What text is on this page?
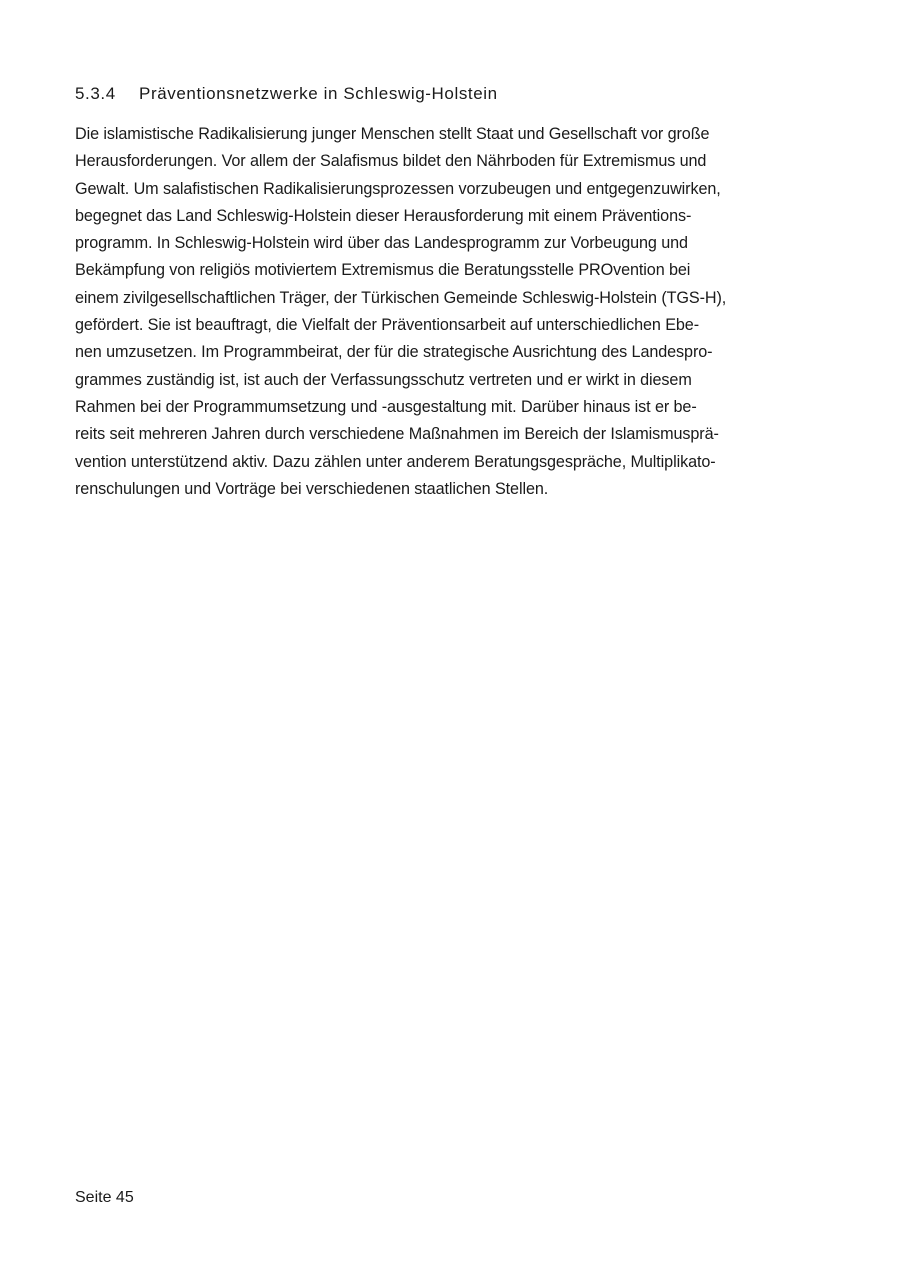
5.3.4 Präventionsnetzwerke in Schleswig-Holstein
Die islamistische Radikalisierung junger Menschen stellt Staat und Gesellschaft vor große
Herausforderungen. Vor allem der Salafismus bildet den Nährboden für Extremismus und
Gewalt. Um salafistischen Radikalisierungsprozessen vorzubeugen und entgegenzuwirken,
begegnet das Land Schleswig-Holstein dieser Herausforderung mit einem Präventions-
programm. In Schleswig-Holstein wird über das Landesprogramm zur Vorbeugung und
Bekämpfung von religiös motiviertem Extremismus die Beratungsstelle PROvention bei
einem zivilgesellschaftlichen Träger, der Türkischen Gemeinde Schleswig-Holstein (TGS-H),
gefördert. Sie ist beauftragt, die Vielfalt der Präventionsarbeit auf unterschiedlichen Ebe-
nen umzusetzen. Im Programmbeirat, der für die strategische Ausrichtung des Landespro-
grammes zuständig ist, ist auch der Verfassungsschutz vertreten und er wirkt in diesem
Rahmen bei der Programmumsetzung und -ausgestaltung mit. Darüber hinaus ist er be-
reits seit mehreren Jahren durch verschiedene Maßnahmen im Bereich der Islamismusprä-
vention unterstützend aktiv. Dazu zählen unter anderem Beratungsgespräche, Multiplikato-
renschulungen und Vorträge bei verschiedenen staatlichen Stellen.
Seite 45
